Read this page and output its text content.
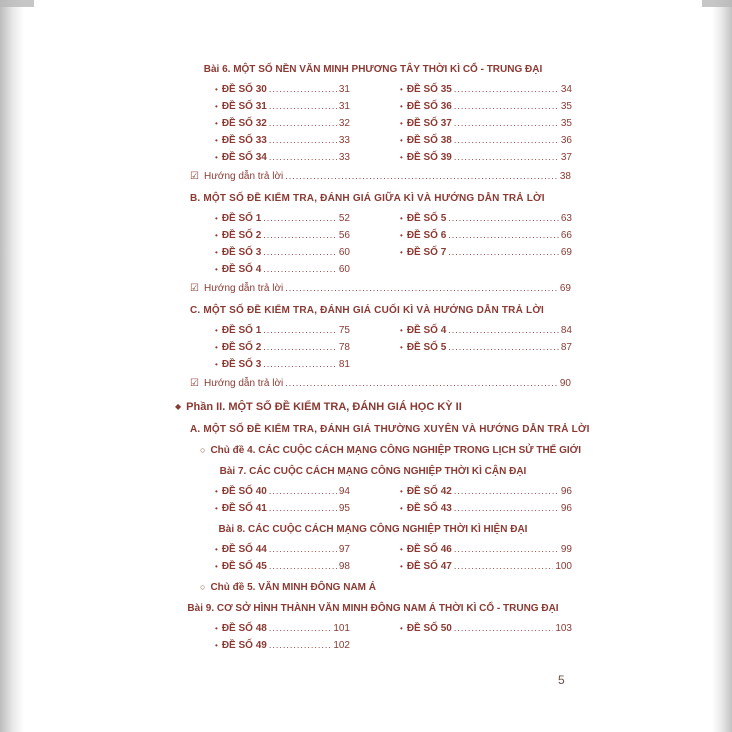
Bài 6. MỘT SỐ NỀN VĂN MINH PHƯƠNG TÂY THỜI KÌ CỔ - TRUNG ĐẠI
• ĐỀ SỐ 30 .....	31
• ĐỀ SỐ 31 .....	31
• ĐỀ SỐ 32 .....	32
• ĐỀ SỐ 33 .....	33
• ĐỀ SỐ 34 .....	33
• ĐỀ SỐ 35 .....	34
• ĐỀ SỐ 36 .....	35
• ĐỀ SỐ 37 .....	35
• ĐỀ SỐ 38 .....	36
• ĐỀ SỐ 39 .....	37
☑ Hướng dẫn trả lời .....	38
B. MỘT SỐ ĐỀ KIỂM TRA, ĐÁNH GIÁ GIỮA KÌ VÀ HƯỚNG DẪN TRẢ LỜI
• ĐỀ SỐ 1 .....	52
• ĐỀ SỐ 2 .....	56
• ĐỀ SỐ 3 .....	60
• ĐỀ SỐ 4 .....	60
• ĐỀ SỐ 5 .....	63
• ĐỀ SỐ 6 .....	66
• ĐỀ SỐ 7 .....	69
☑ Hướng dẫn trả lời .....	69
C. MỘT SỐ ĐỀ KIỂM TRA, ĐÁNH GIÁ CUỐI KÌ VÀ HƯỚNG DẪN TRẢ LỜI
• ĐỀ SỐ 1 .....	75
• ĐỀ SỐ 2 .....	78
• ĐỀ SỐ 3 .....	81
• ĐỀ SỐ 4 .....	84
• ĐỀ SỐ 5 .....	87
☑ Hướng dẫn trả lời .....	90
◆ Phần II. MỘT SỐ ĐỀ KIỂM TRA, ĐÁNH GIÁ HỌC KỲ II
A. MỘT SỐ ĐỀ KIỂM TRA, ĐÁNH GIÁ THƯỜNG XUYÊN VÀ HƯỚNG DẪN TRẢ LỜI
○ Chủ đề 4. CÁC CUỘC CÁCH MẠNG CÔNG NGHIỆP TRONG LỊCH SỬ THẾ GIỚI
Bài 7. CÁC CUỘC CÁCH MẠNG CÔNG NGHIỆP THỜI KÌ CẬN ĐẠI
• ĐỀ SỐ 40 .....	94
• ĐỀ SỐ 41 .....	95
• ĐỀ SỐ 42 .....	96
• ĐỀ SỐ 43 .....	96
Bài 8. CÁC CUỘC CÁCH MẠNG CÔNG NGHIỆP THỜI KÌ HIỆN ĐẠI
• ĐỀ SỐ 44 .....	97
• ĐỀ SỐ 45 .....	98
• ĐỀ SỐ 46 .....	99
• ĐỀ SỐ 47 .....	100
○ Chủ đề 5. VĂN MINH ĐÔNG NAM Á
Bài 9. CƠ SỞ HÌNH THÀNH VĂN MINH ĐÔNG NAM Á THỜI KÌ CỔ - TRUNG ĐẠI
• ĐỀ SỐ 48 .....	101
• ĐỀ SỐ 49 .....	102
• ĐỀ SỐ 50 .....	103
5
